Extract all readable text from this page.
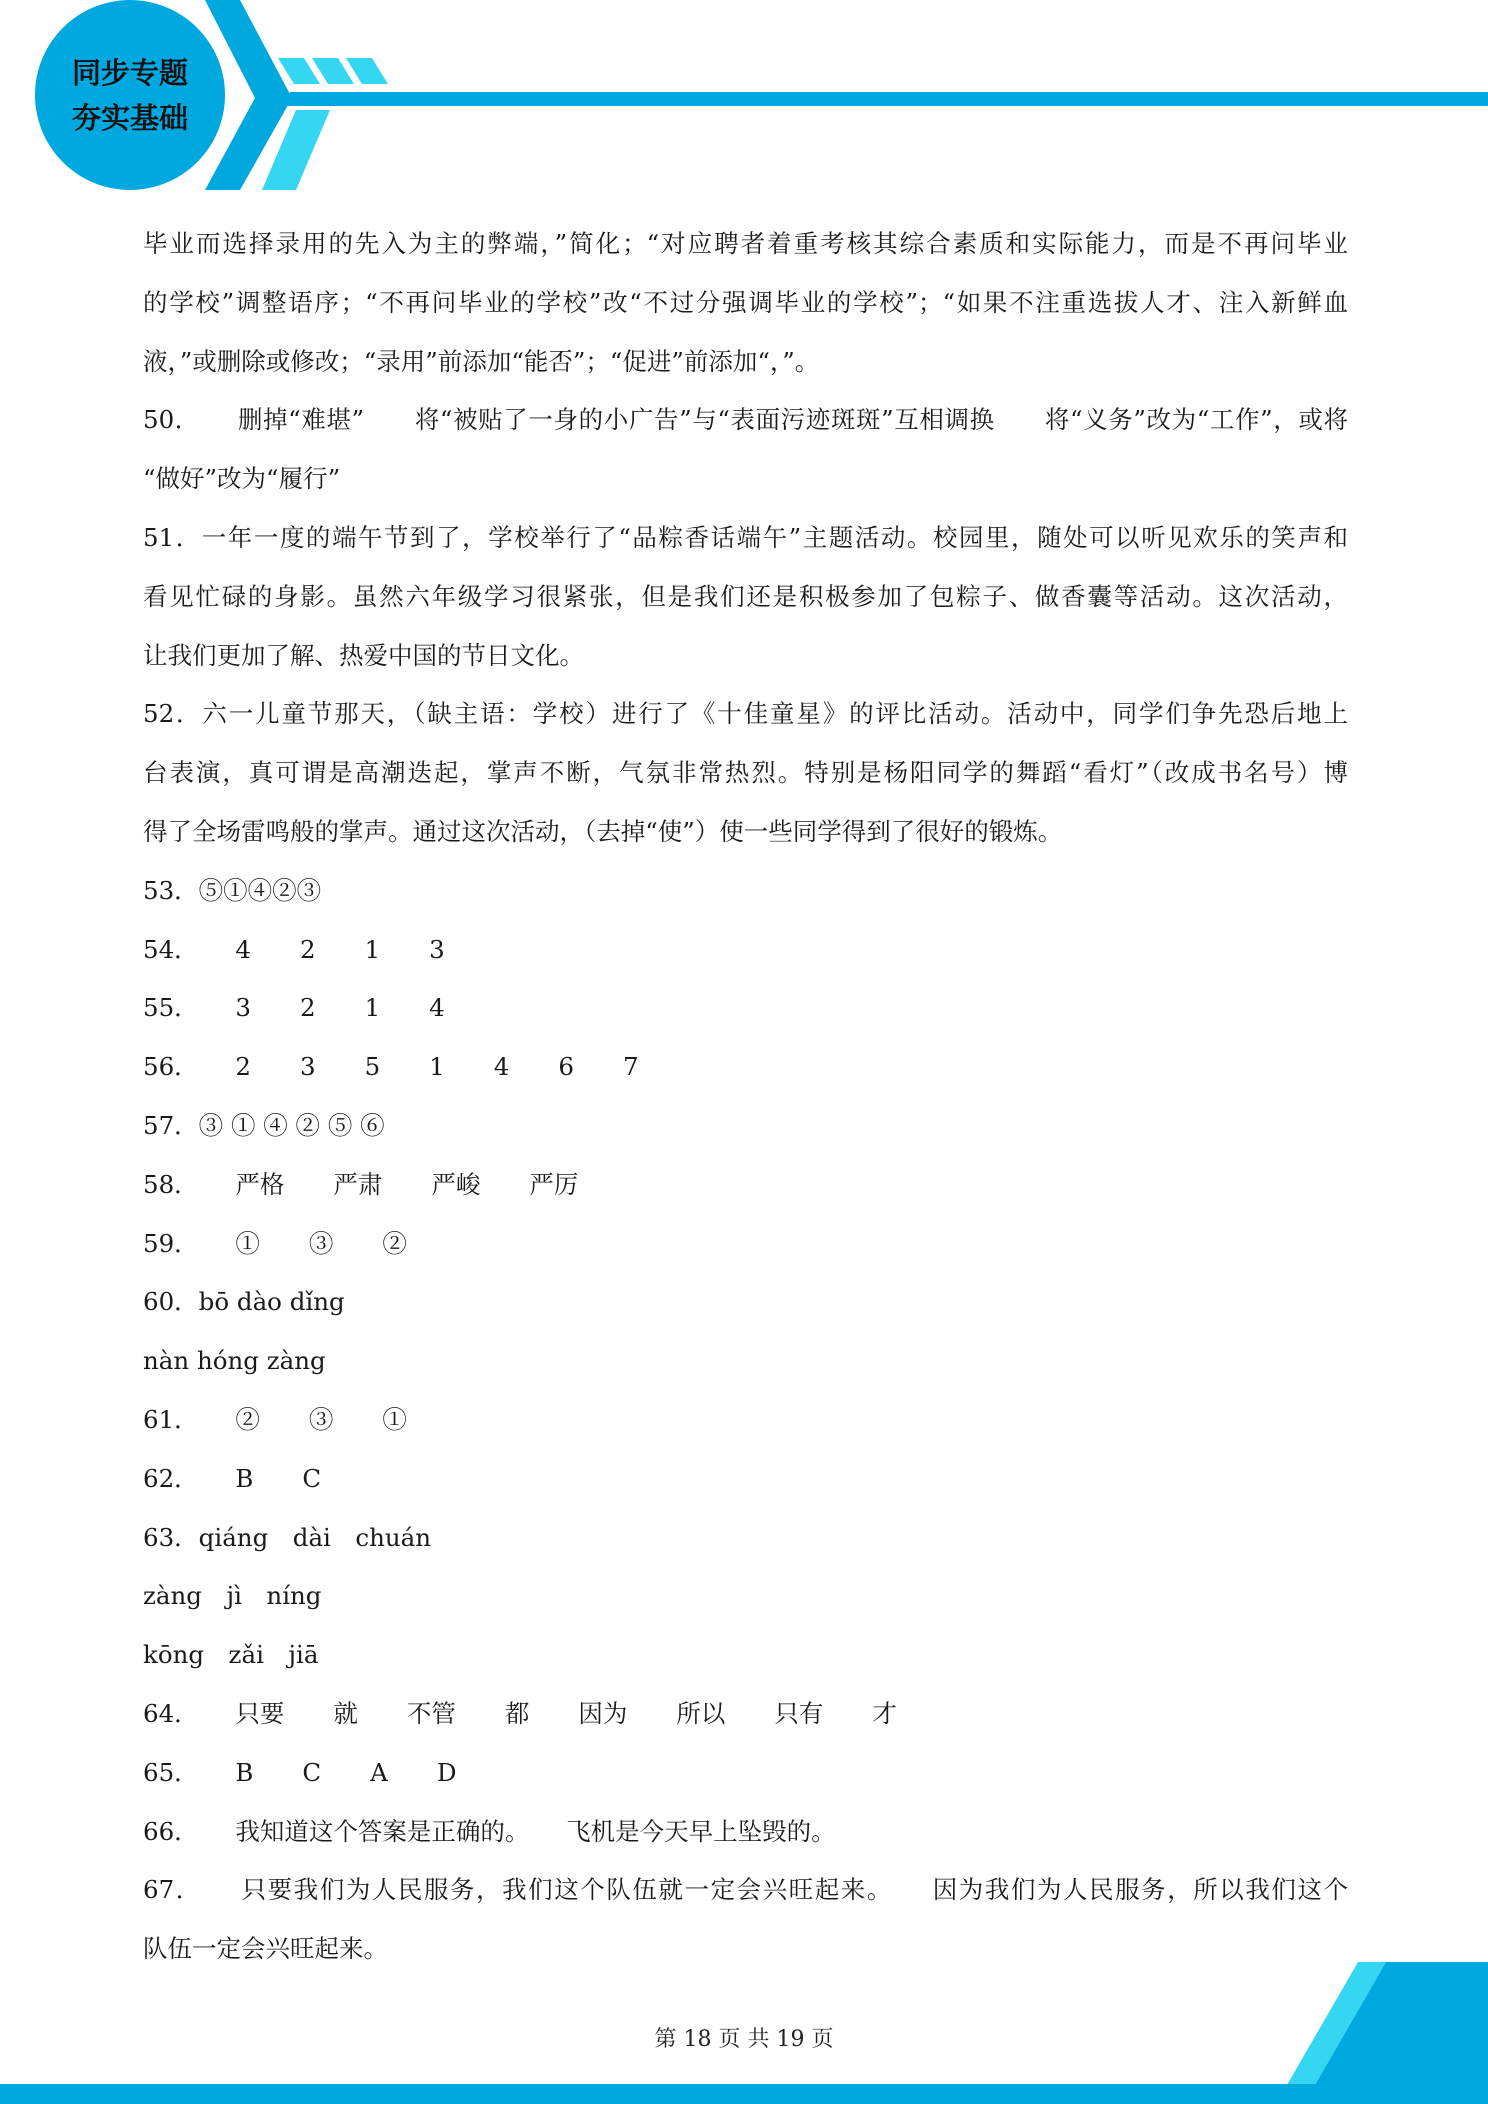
同步专题
夯实基础
毕业而选择录用的先入为主的弊端，”简化；“对应聘者着重考核其综合素质和实际能力，而是不再问毕业
的学校”调整语序；“不再问毕业的学校”改“不过分强调毕业的学校”；“如果不注重选拔人才、注入新鲜血
液，”或删除或修改；“录用”前添加“能否”；“促进”前添加“，”。
50．　　删掉“难堪”　　将“被贴了一身的小广告”与“表面污迹斑斑”互相调换　　将“义务”改为“工作”，或将
“做好”改为“履行”
51．一年一度的端午节到了，学校举行了“品粽香话端午”主题活动。校园里，随处可以听见欢乐的笑声和
看见忙碌的身影。虽然六年级学习很紧张，但是我们还是积极参加了包粽子、做香囊等活动。这次活动，
让我们更加了解、热爱中国的节日文化。
52．六一儿童节那天，（缺主语：学校）进行了《十佳童星》的评比活动。活动中，同学们争先恐后地上
台表演，真可谓是高潮迭起，掌声不断，气氛非常热烈。特别是杨阳同学的舞蹈“看灯”（改成书名号）博
得了全场雷鸣般的掌声。通过这次活动，（去掉“使”）使一些同学得到了很好的锻炼。
53．⑤①④②③
54．　　4　　2　　1　　3
55．　　3　　2　　1　　4
56．　　2　　3　　5　　1　　4　　6　　7
57．③ ① ④ ② ⑤ ⑥
58．　　严格　　严肃　　严峻　　严厉
59．　　①　　③　　②
60．bō dào dǐng
nàn hóng zàng
61．　　②　　③　　①
62．　　B　　C
63．qiáng　dài　chuán
zàng　jì　níng
kōng　zǎi　jiā
64．　　只要　　就　　不管　　都　　因为　　所以　　只有　　才
65．　　B　　C　　A　　D
66．　　我知道这个答案是正确的。　　飞机是今天早上坠毁的。
67．　　只要我们为人民服务，我们这个队伍就一定会兴旺起来。　　因为我们为人民服务，所以我们这个
队伍一定会兴旺起来。
第 18 页 共 19 页
